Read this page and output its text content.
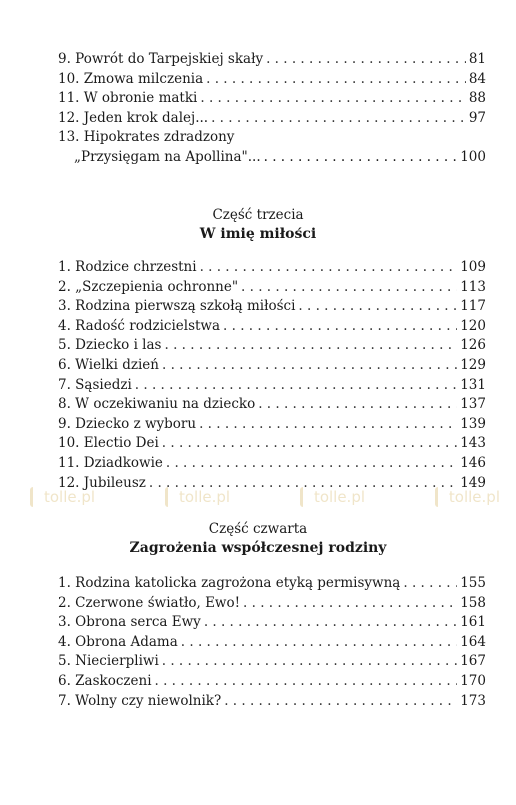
9. Powrót do Tarpejskiej skały . . .	81
10. Zmowa milczenia . . .	84
11. W obronie matki . . .	88
12. Jeden krok dalej... . . .	97
13. Hipokrates zdradzony
„Przysięgam na Apollina"... . . .	100
Część trzecia
W imię miłości
1. Rodzice chrzestni . . .	109
2. „Szczepienia ochronne" . . .	113
3. Rodzina pierwszą szkołą miłości . . .	117
4. Radość rodzicielstwa . . .	120
5. Dziecko i las . . .	126
6. Wielki dzień . . .	129
7. Sąsiedzi . . .	131
8. W oczekiwaniu na dziecko . . .	137
9. Dziecko z wyboru . . .	139
10. Electio Dei . . .	143
11. Dziadkowie . . .	146
12. Jubileusz . . .	149
tolle.pl	tolle.pl	tolle.pl	tolle.pl
Część czwarta
Zagrożenia współczesnej rodziny
1. Rodzina katolicka zagrożona etyką permisywną . . .	155
2. Czerwone światło, Ewo! . . .	158
3. Obrona serca Ewy . . .	161
4. Obrona Adama . . .	164
5. Niecierpliwi . . .	167
6. Zaskoczeni . . .	170
7. Wolny czy niewolnik? . . .	173
